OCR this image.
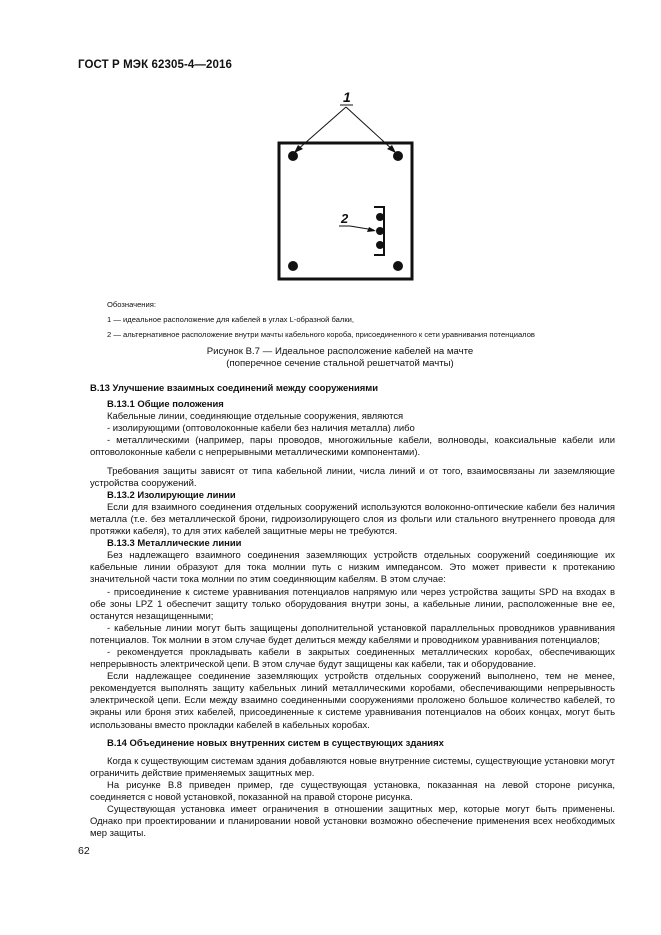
ГОСТ Р МЭК 62305-4—2016
1
2
Обозначения:
1 — идеальное расположение для кабелей в углах L-образной балки,
2 — альтернативное расположение внутри мачты кабельного короба, присоединенного к сети уравнивания потенциалов
Рисунок В.7 — Идеальное расположение кабелей на мачте
(поперечное сечение стальной решетчатой мачты)

В.13 Улучшение взаимных соединений между сооружениями

В.13.1 Общие положения

Кабельные линии, соединяющие отдельные сооружения, являются

- изолирующими (оптоволоконные кабели без наличия металла) либо

- металлическими (например, пары проводов, многожильные кабели, волноводы, коаксиальные кабели или оптоволоконные кабели с непрерывными металлическими компонентами).

Требования защиты зависят от типа кабельной линии, числа линий и от того, взаимосвязаны ли заземляющие устройства сооружений.

В.13.2 Изолирующие линии

Если для взаимного соединения отдельных сооружений используются волоконно-оптические кабели без наличия металла (т.е. без металлической брони, гидроизолирующего слоя из фольги или стального внутреннего провода для протяжки кабеля), то для этих кабелей защитные меры не требуются.

В.13.3 Металлические линии

Без надлежащего взаимного соединения заземляющих устройств отдельных сооружений соединяющие их кабельные линии образуют для тока молнии путь с низким импедансом. Это может привести к протеканию значительной части тока молнии по этим соединяющим кабелям. В этом случае:

- присоединение к системе уравнивания потенциалов напрямую или через устройства защиты SPD на входах в обе зоны LPZ 1 обеспечит защиту только оборудования внутри зоны, а кабельные линии, расположенные вне ее, останутся незащищенными;

- кабельные линии могут быть защищены дополнительной установкой параллельных проводников уравнивания потенциалов. Ток молнии в этом случае будет делиться между кабелями и проводником уравнивания потенциалов;

- рекомендуется прокладывать кабели в закрытых соединенных металлических коробах, обеспечивающих непрерывность электрической цепи. В этом случае будут защищены как кабели, так и оборудование.

Если надлежащее соединение заземляющих устройств отдельных сооружений выполнено, тем не менее, рекомендуется выполнять защиту кабельных линий металлическими коробами, обеспечивающими непрерывность электрической цепи. Если между взаимно соединенными сооружениями проложено большое количество кабелей, то экраны или броня этих кабелей, присоединенные к системе уравнивания потенциалов на обоих концах, могут быть использованы вместо прокладки кабелей в кабельных коробах.

В.14 Объединение новых внутренних систем в существующих зданиях

Когда к существующим системам здания добавляются новые внутренние системы, существующие установки могут ограничить действие применяемых защитных мер.

На рисунке В.8 приведен пример, где существующая установка, показанная на левой стороне рисунка, соединяется с новой установкой, показанной на правой стороне рисунка.

Существующая установка имеет ограничения в отношении защитных мер, которые могут быть применены. Однако при проектировании и планировании новой установки возможно обеспечение применения всех необходимых мер защиты.

62
